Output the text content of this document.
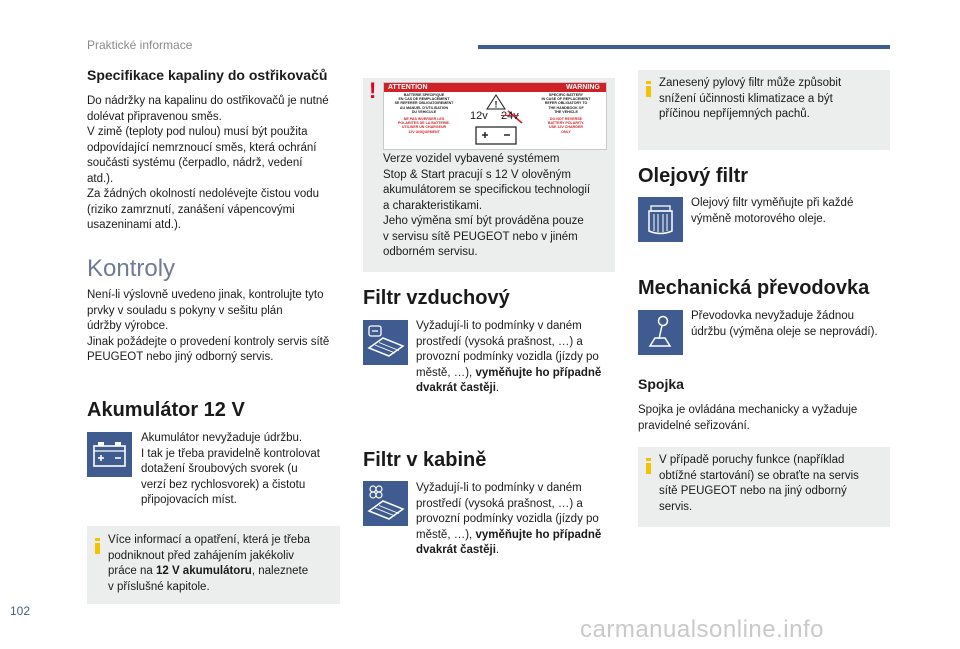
Praktické informace
Specifikace kapaliny do ostřikovačů
Do nádržky na kapalinu do ostřikovačů je nutné
dolévat připravenou směs.
V zimě (teploty pod nulou) musí být použita
odpovídající nemrznoucí směs, která ochrání
součásti systému (čerpadlo, nádrž, vedení
atd.).
Za žádných okolností nedolévejte čistou vodu
(riziko zamrznutí, zanášení vápencovými
usazeninami atd.).
Kontroly
Není-li výslovně uvedeno jinak, kontrolujte tyto
prvky v souladu s pokyny v sešitu plán
údržby výrobce.
Jinak požádejte o provedení kontroly servis sítě
PEUGEOT nebo jiný odborný servis.
Akumulátor 12 V
Akumulátor nevyžaduje údržbu.
I tak je třeba pravidelně kontrolovat
dotažení šroubových svorek (u
verzí bez rychlosvorek) a čistotu
připojovacích míst.
Více informací a opatření, která je třeba
podniknout před zahájením jakékoliv
práce na 12 V akumulátoru, naleznete
v příslušné kapitole.
!	ATTENTION	WARNING
BATTERIE SPECIFIQUE
EN CAS DE REMPLACEMENT
SE REFERER OBLIGATOIREMENT
AU MANUEL D'UTILISATION
DU VEHICULE
NE PAS INVERSER LES
POLARITES DE LA BATTERIE.
UTILISER UN CHARGEUR
12V UNIQUEMENT
SPECIFIC BATTERY
IN CASE OF REPLACEMENT
REFER OBLIGATORY TO
THE HANDBOOK OF
THE VEHICLE
DO NOT REVERSE
BATTERY POLARITY.
USE 12V CHARGER
ONLY
!
12v 24v
Verze vozidel vybavené systémem
Stop & Start pracují s 12 V olověným
akumulátorem se specifickou technologií
a charakteristikami.
Jeho výměna smí být prováděna pouze
v servisu sítě PEUGEOT nebo v jiném
odborném servisu.
Filtr vzduchový
Vyžadují-li to podmínky v daném
prostředí (vysoká prašnost, …) a
provozní podmínky vozidla (jízdy po
městě, …), vyměňujte ho případně
dvakrát častěji.
Filtr v kabině
Vyžadují-li to podmínky v daném
prostředí (vysoká prašnost, …) a
provozní podmínky vozidla (jízdy po
městě, …), vyměňujte ho případně
dvakrát častěji.
Zanesený pylový filtr může způsobit
snížení účinnosti klimatizace a být
příčinou nepříjemných pachů.
Olejový filtr
Olejový filtr vyměňujte při každé
výměně motorového oleje.
Mechanická převodovka
Převodovka nevyžaduje žádnou
údržbu (výměna oleje se neprovádí).
Spojka
Spojka je ovládána mechanicky a vyžaduje
pravidelné seřizování.
V případě poruchy funkce (například
obtížné startování) se obraťte na servis
sítě PEUGEOT nebo na jiný odborný
servis.
102
carmanualsonline.info
